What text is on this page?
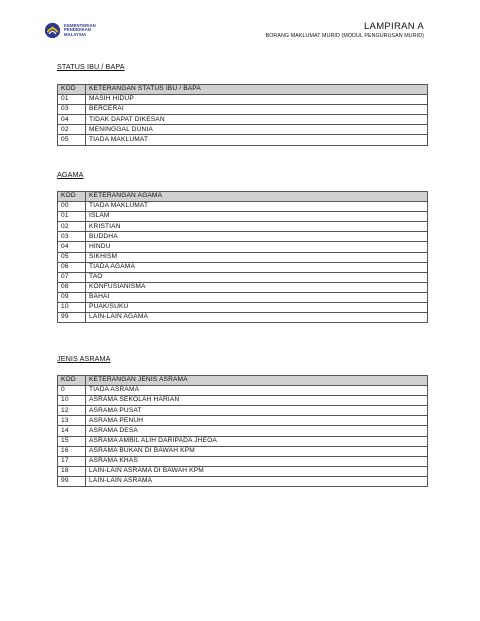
KEMENTERIAN
PENDIDIKAN
MALAYSIA
LAMPIRAN A
BORANG MAKLUMAT MURID (MODUL PENGURUSAN MURID)
STATUS IBU / BAPA
KOD	KETERANGAN STATUS IBU / BAPA
01	MASIH HIDUP
03	BERCERAI
04	TIDAK DAPAT DIKESAN
02	MENINGGAL DUNIA
05	TIADA MAKLUMAT
AGAMA
KOD	KETERANGAN AGAMA
00	TIADA MAKLUMAT
01	ISLAM
02	KRISTIAN
03	BUDDHA
04	HINDU
05	SIKHISM
06	TIADA AGAMA
07	TAO
08	KONFUSIANISMA
09	BAHAI
10	PUAK/SUKU
99	LAIN-LAIN AGAMA
JENIS ASRAMA
KOD	KETERANGAN JENIS ASRAMA
0	TIADA ASRAMA
10	ASRAMA SEKOLAH HARIAN
12	ASRAMA PUSAT
13	ASRAMA PENUH
14	ASRAMA DESA
15	ASRAMA AMBIL ALIH DARIPADA JHEOA
16	ASRAMA BUKAN DI BAWAH KPM
17	ASRAMA KHAS
18	LAIN-LAIN ASRAMA DI BAWAH KPM
99	LAIN-LAIN ASRAMA
